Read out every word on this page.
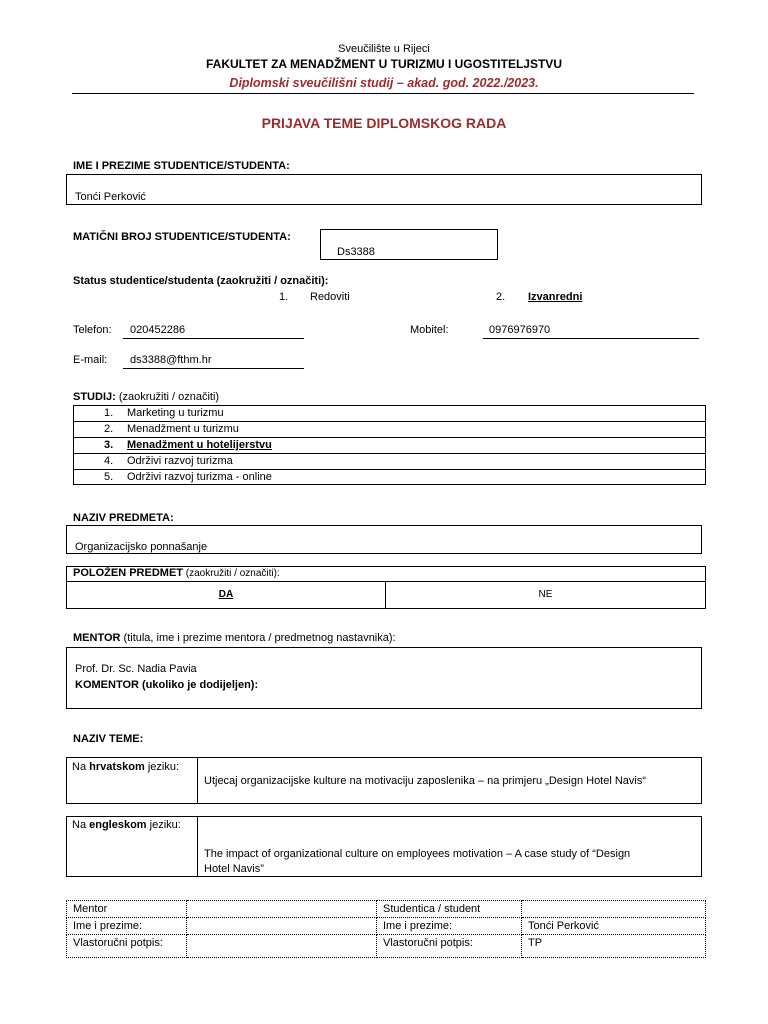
Sveučilište u Rijeci
FAKULTET ZA MENADŽMENT U TURIZMU I UGOSTITELJSTVU
Diplomski sveučilišni studij – akad. god. 2022./2023.
PRIJAVA TEME DIPLOMSKOG RADA
IME I PREZIME STUDENTICE/STUDENTA:
Tonći Perković
MATIČNI BROJ STUDENTICE/STUDENTA:
Ds3388
Status studentice/studenta (zaokružiti / označiti):
1. Redoviti	2. Izvanredni
Telefon: 020452286	Mobitel:	0976976970
E-mail: ds3388@fthm.hr
STUDIJ: (zaokružiti / označiti)
1. Marketing u turizmu
2. Menadžment u turizmu
3. Menadžment u hotelijerstvu
4. Održivi razvoj turizma
5. Održivi razvoj turizma - online
NAZIV PREDMETA:
Organizacijsko ponnašanje
POLOŽEN PREDMET (zaokružiti / označiti):
DA	NE
MENTOR (titula, ime i prezime mentora / predmetnog nastavnika):
Prof. Dr. Sc. Nadia Pavia
KOMENTOR (ukoliko je dodijeljen):
NAZIV TEME:
Na hrvatskom jeziku:
Utjecaj organizacijske kulture na motivaciju zaposlenika – na primjeru „Design Hotel Navis“
Na engleskom jeziku:
The impact of organizational culture on employees motivation – A case study of “Design
Hotel Navis”
Mentor		Studentica / student	
Ime i prezime:		Ime i prezime:	Tonći Perković
Vlastoručni potpis:		Vlastoručni potpis:	TP
